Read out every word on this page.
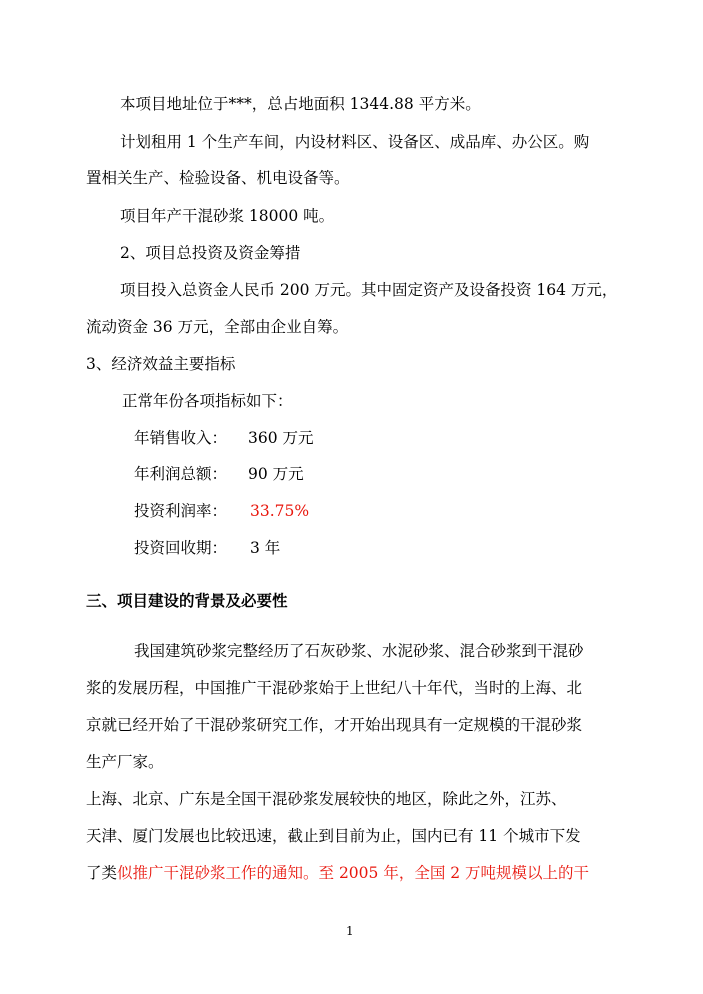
本项目地址位于***，总占地面积 1344.88 平方米。
计划租用 1 个生产车间，内设材料区、设备区、成品库、办公区。购
置相关生产、检验设备、机电设备等。
项目年产干混砂浆 18000 吨。
2、项目总投资及资金筹措
项目投入总资金人民币 200 万元。其中固定资产及设备投资 164 万元，
流动资金 36 万元，全部由企业自筹。
3、经济效益主要指标
正常年份各项指标如下：
年销售收入： 360 万元
年利润总额： 90 万元
投资利润率： 33.75%
投资回收期： 3 年
三、项目建设的背景及必要性
我国建筑砂浆完整经历了石灰砂浆、水泥砂浆、混合砂浆到干混砂
浆的发展历程，中国推广干混砂浆始于上世纪八十年代，当时的上海、北
京就已经开始了干混砂浆研究工作，才开始出现具有一定规模的干混砂浆
生产厂家。
上海、北京、广东是全国干混砂浆发展较快的地区，除此之外，江苏、
天津、厦门发展也比较迅速，截止到目前为止，国内已有 11 个城市下发
了类似推广干混砂浆工作的通知。至 2005 年，全国 2 万吨规模以上的干
1
